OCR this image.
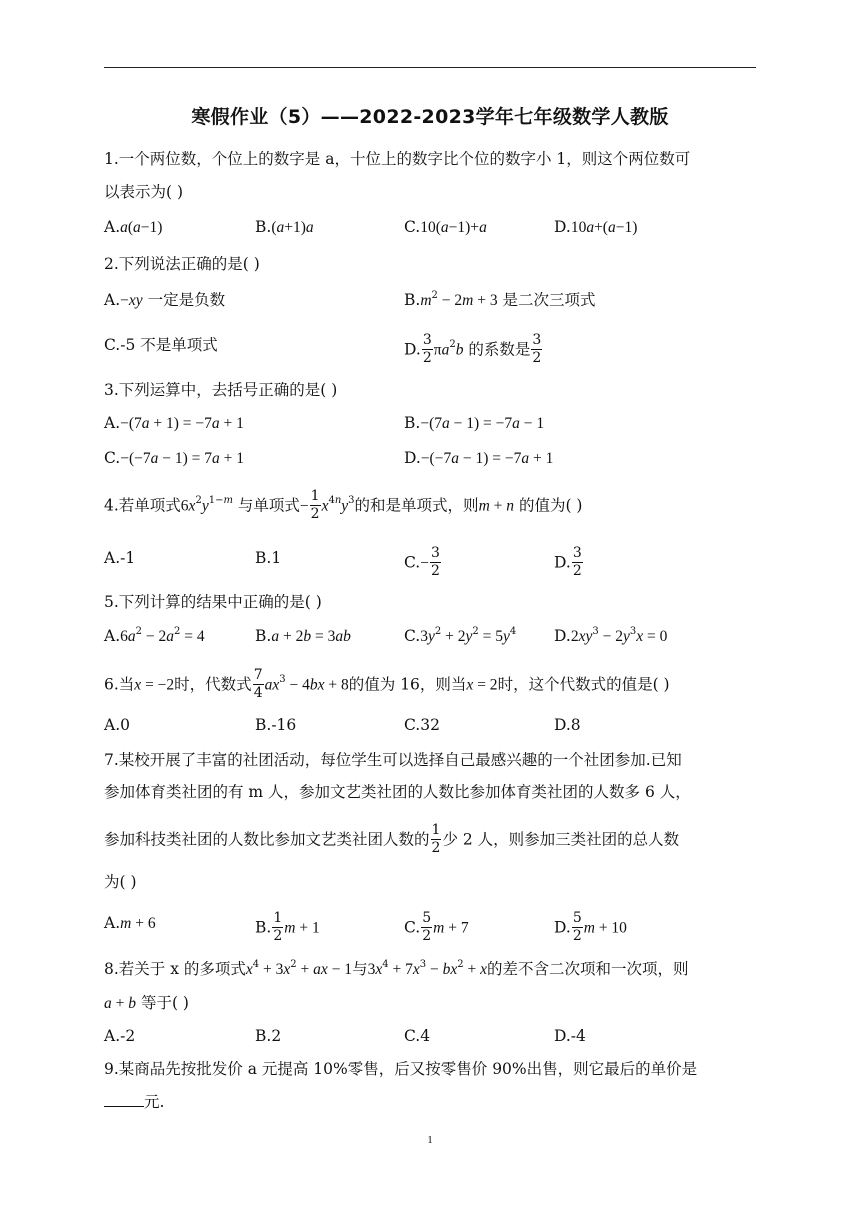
寒假作业（5）——2022-2023学年七年级数学人教版
1.一个两位数，个位上的数字是 a，十位上的数字比个位的数字小 1，则这个两位数可
以表示为( )
A.a(a−1)	B.(a+1)a	C.10(a−1)+a	D.10a+(a−1)
2.下列说法正确的是( )
A.−xy 一定是负数	$B.m^2 - 2m + 3$ 是二次三项式
C.-5 不是单项式	D. $\frac{3}{2} \pi a^2b$ 的系数是 $\frac{3}{2}$
3.下列运算中，去括号正确的是( )
A.−(7a + 1) = −7a + 1	B.−(7a − 1) = −7a − 1
C.−(−7a − 1) = 7a + 1	D.−(−7a − 1) = −7a + 1
4.若单项式$6x^2y^{1-m}$ 与单项式− $\frac{1}{2} x^{4n}y^3$的和是单项式，则m + n 的值为( )
A.-1	B.1	$C.- \frac{3}{2}$	D. $\frac{3}{2}$
5.下列计算的结果中正确的是( )
$A.6a^2 - 2a^2 = 4$	B.a + 2b = 3ab	$C.3y^2 + 2y^2 = 5y^4$ $D.2xy^3 - 2y^3x = 0$
6.当x = −2时，代数式 $\frac{7}{4} ax^3 - 4bx + 8$的值为 16，则当x = 2时，这个代数式的值是( )
A.0	B.-16	C.32	D.8
7.某校开展了丰富的社团活动，每位学生可以选择自己最感兴趣的一个社团参加.已知
参加体育类社团的有 m 人，参加文艺类社团的人数比参加体育类社团的人数多 6 人，
参加科技类社团的人数比参加文艺类社团人数的 $\frac{1}{2}$ 少 2 人，则参加三类社团的总人数
为( )
A.m + 6	B. $\frac{1}{2}$ m + 1	C. $\frac{5}{2}$ m + 7	D. $\frac{5}{2}$ m + 10
8.若关于 x 的多项式$x^4 + 3x^2$ + ax − 1与$3x^4 + 7x^3 - bx^2 + x$的差不含二次项和一次项，则
a + b 等于( )
A.-2	B.2	C.4	D.-4
9.某商品先按批发价 a 元提高 10%零售，后又按零售价 90%出售，则它最后的单价是
元.
1
